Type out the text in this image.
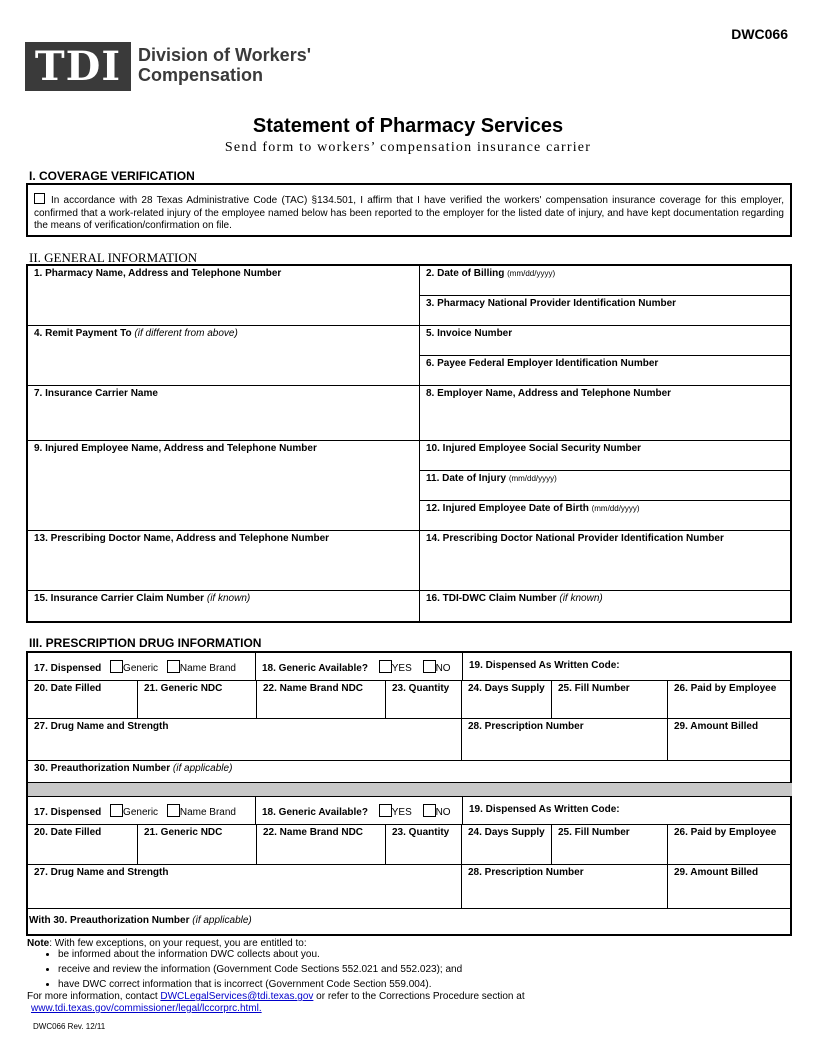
DWC066
TDI Division of Workers'
Compensation
Statement of Pharmacy Services
Send form to workers’ compensation insurance carrier
I. COVERAGE VERIFICATION
In accordance with 28 Texas Administrative Code (TAC) §134.501, I affirm that I have verified the workers' compensation insurance coverage for this employer, confirmed that a work-related injury of the employee named below has been reported to the employer for the listed date of injury, and have kept documentation regarding the means of verification/confirmation on file.
II. GENERAL INFORMATION
1. Pharmacy Name, Address and Telephone Number	2. Date of Billing (mm/dd/yyyy)
3. Pharmacy National Provider Identification Number
4. Remit Payment To (if different from above)	5. Invoice Number
6. Payee Federal Employer Identification Number
7. Insurance Carrier Name	8. Employer Name, Address and Telephone Number
9. Injured Employee Name, Address and Telephone Number	10. Injured Employee Social Security Number
11. Date of Injury (mm/dd/yyyy)
12. Injured Employee Date of Birth (mm/dd/yyyy)
13. Prescribing Doctor Name, Address and Telephone Number	14. Prescribing Doctor National Provider Identification Number
15. Insurance Carrier Claim Number (if known)	16. TDI-DWC Claim Number (if known)
III. PRESCRIPTION DRUG INFORMATION
17. Dispensed Generic Name Brand	18. Generic Available? YES NO	19. Dispensed As Written Code:
20. Date Filled	21. Generic NDC	22. Name Brand NDC	23. Quantity	24. Days Supply	25. Fill Number	26. Paid by Employee
27. Drug Name and Strength	28. Prescription Number	29. Amount Billed
30. Preauthorization Number (if applicable)
17. Dispensed Generic Name Brand	18. Generic Available? YES NO	19. Dispensed As Written Code:
20. Date Filled	21. Generic NDC	22. Name Brand NDC	23. Quantity	24. Days Supply	25. Fill Number	26. Paid by Employee
27. Drug Name and Strength	28. Prescription Number	29. Amount Billed
With 30. Preauthorization Number (if applicable)
Note: With few exceptions, on your request, you are entitled to:
• be informed about the information DWC collects about you.
• receive and review the information (Government Code Sections 552.021 and 552.023); and
• have DWC correct information that is incorrect (Government Code Section 559.004).
For more information, contact DWCLegalServices@tdi.texas.gov or refer to the Corrections Procedure section at
www.tdi.texas.gov/commissioner/legal/lccorprc.html.
DWC066 Rev. 12/11
